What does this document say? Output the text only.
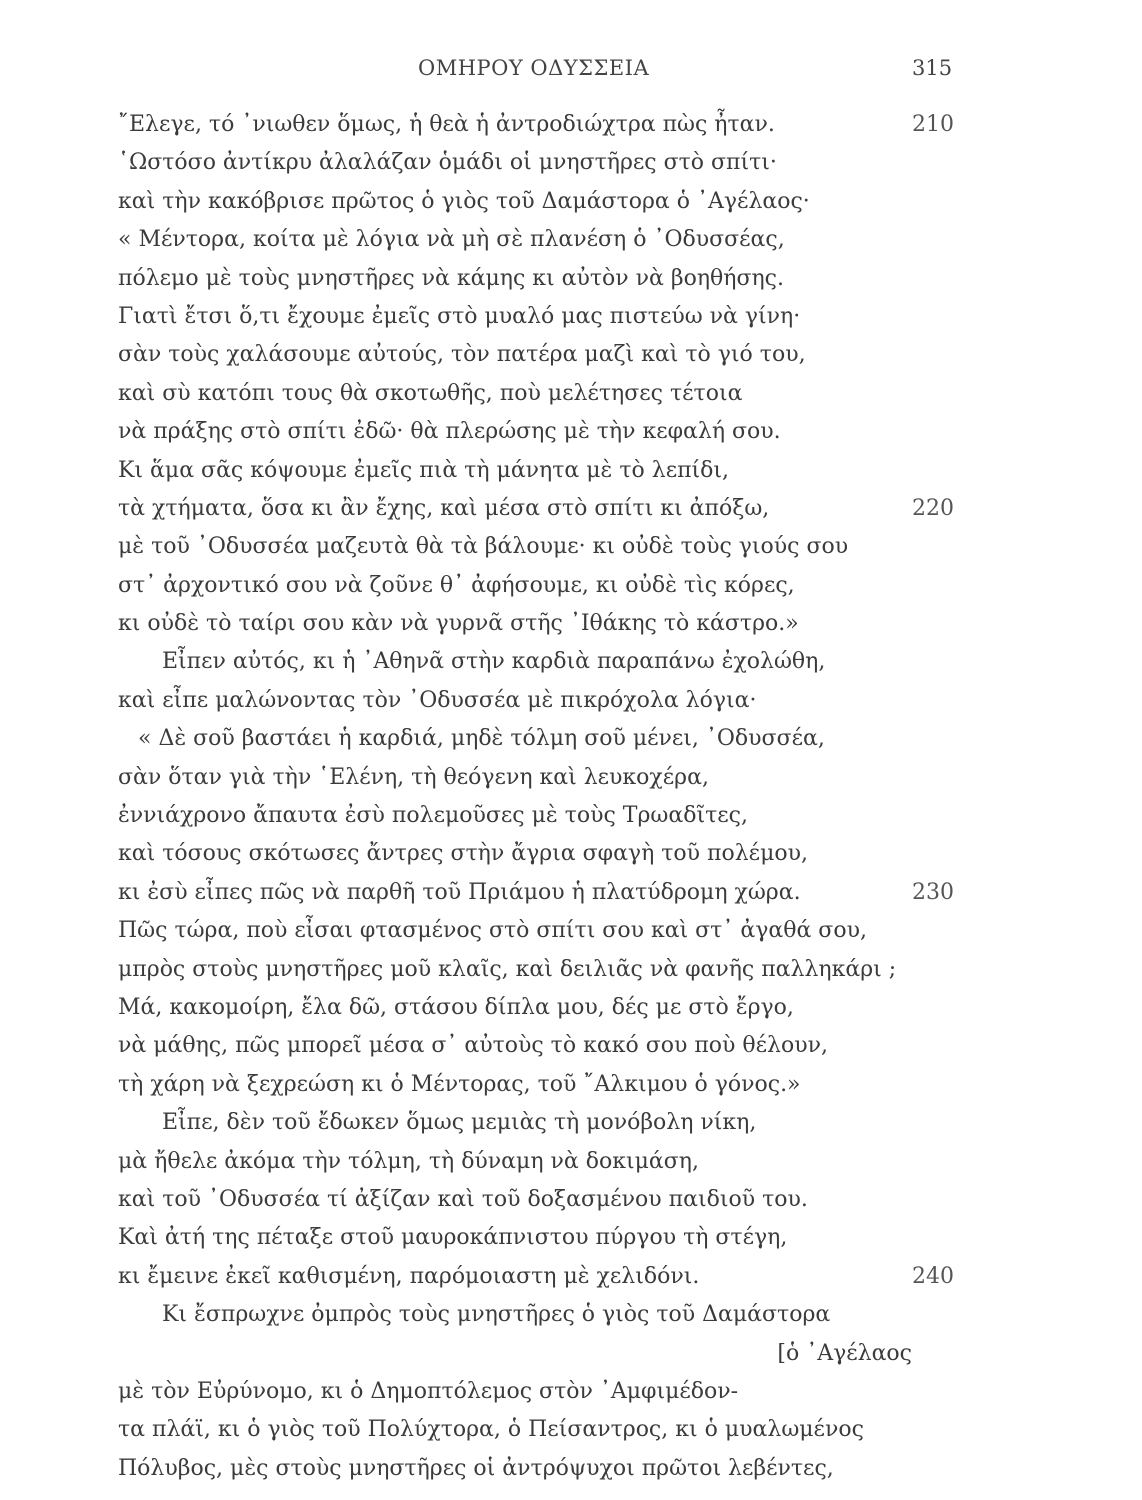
ΟΜΗΡΟΥ ΟΔΥΣΣΕΙΑ	315
῎Ελεγε, τό ᾽νιωθεν ὅμως, ἡ θεὰ ἡ ἀντροδιώχτρα πὼς ἦταν.	210
῾Ωστόσο ἀντίκρυ ἀλαλάζαν ὁμάδι οἱ μνηστῆρες στὸ σπίτι·
καὶ τὴν κακόβρισε πρῶτος ὁ γιὸς τοῦ Δαμάστορα ὁ ᾽Αγέλαος·
« Μέντορα, κοίτα μὲ λόγια νὰ μὴ σὲ πλανέση ὁ ᾽Οδυσσέας,
πόλεμο μὲ τοὺς μνηστῆρες νὰ κάμης κι αὐτὸν νὰ βοηθήσης.
Γιατὶ ἔτσι ὅ,τι ἔχουμε ἐμεῖς στὸ μυαλό μας πιστεύω νὰ γίνη·
σὰν τοὺς χαλάσουμε αὐτούς, τὸν πατέρα μαζὶ καὶ τὸ γιό του,
καὶ σὺ κατόπι τους θὰ σκοτωθῆς, ποὺ μελέτησες τέτοια
νὰ πράξης στὸ σπίτι ἐδῶ· θὰ πλερώσης μὲ τὴν κεφαλή σου.
Κι ἅμα σᾶς κόψουμε ἐμεῖς πιὰ τὴ μάνητα μὲ τὸ λεπίδι,
τὰ χτήματα, ὅσα κι ἂν ἔχης, καὶ μέσα στὸ σπίτι κι ἀπόξω,	220
μὲ τοῦ ᾽Οδυσσέα μαζευτὰ θὰ τὰ βάλουμε· κι οὐδὲ τοὺς γιούς σου
στ᾽ ἀρχοντικό σου νὰ ζοῦνε θ᾽ ἀφήσουμε, κι οὐδὲ τὶς κόρες,
κι οὐδὲ τὸ ταίρι σου κὰν νὰ γυρνᾶ στῆς ᾽Ιθάκης τὸ κάστρο.»
Εἶπεν αὐτός, κι ἡ ᾽Αθηνᾶ στὴν καρδιὰ παραπάνω ἐχολώθη,
καὶ εἶπε μαλώνοντας τὸν ᾽Οδυσσέα μὲ πικρόχολα λόγια·
« Δὲ σοῦ βαστάει ἡ καρδιά, μηδὲ τόλμη σοῦ μένει, ᾽Οδυσσέα,
σὰν ὅταν γιὰ τὴν ῾Ελένη, τὴ θεόγενη καὶ λευκοχέρα,
ἐννιάχρονο ἄπαυτα ἐσὺ πολεμοῦσες μὲ τοὺς Τρωαδῖτες,
καὶ τόσους σκότωσες ἄντρες στὴν ἄγρια σφαγὴ τοῦ πολέμου,
κι ἐσὺ εἶπες πῶς νὰ παρθῆ τοῦ Πριάμου ἡ πλατύδρομη χώρα.	230
Πῶς τώρα, ποὺ εἶσαι φτασμένος στὸ σπίτι σου καὶ στ᾽ ἀγαθά σου,
μπρὸς στοὺς μνηστῆρες μοῦ κλαῖς, καὶ δειλιᾶς νὰ φανῆς παλληκάρι ;
Μά, κακομοίρη, ἔλα δῶ, στάσου δίπλα μου, δές με στὸ ἔργο,
νὰ μάθης, πῶς μπορεῖ μέσα σ᾽ αὐτοὺς τὸ κακό σου ποὺ θέλουν,
τὴ χάρη νὰ ξεχρεώση κι ὁ Μέντορας, τοῦ ῎Αλκιμου ὁ γόνος.»
Εἶπε, δὲν τοῦ ἔδωκεν ὅμως μεμιὰς τὴ μονόβολη νίκη,
μὰ ἤθελε ἀκόμα τὴν τόλμη, τὴ δύναμη νὰ δοκιμάση,
καὶ τοῦ ᾽Οδυσσέα τί ἀξίζαν καὶ τοῦ δοξασμένου παιδιοῦ του.
Καὶ ἀτή της πέταξε στοῦ μαυροκάπνιστου πύργου τὴ στέγη,
κι ἔμεινε ἐκεῖ καθισμένη, παρόμοιαστη μὲ χελιδόνι.	240
Κι ἔσπρωχνε ὀμπρὸς τοὺς μνηστῆρες ὁ γιὸς τοῦ Δαμάστορα
[ὁ ᾽Αγέλαος
μὲ τὸν Εὐρύνομο, κι ὁ Δημοπτόλεμος στὸν ᾽Αμφιμέδον-
τα πλάϊ, κι ὁ γιὸς τοῦ Πολύχτορα, ὁ Πείσαντρος, κι ὁ μυαλωμένος
Πόλυβος, μὲς στοὺς μνηστῆρες οἱ ἀντρόψυχοι πρῶτοι λεβέντες,
